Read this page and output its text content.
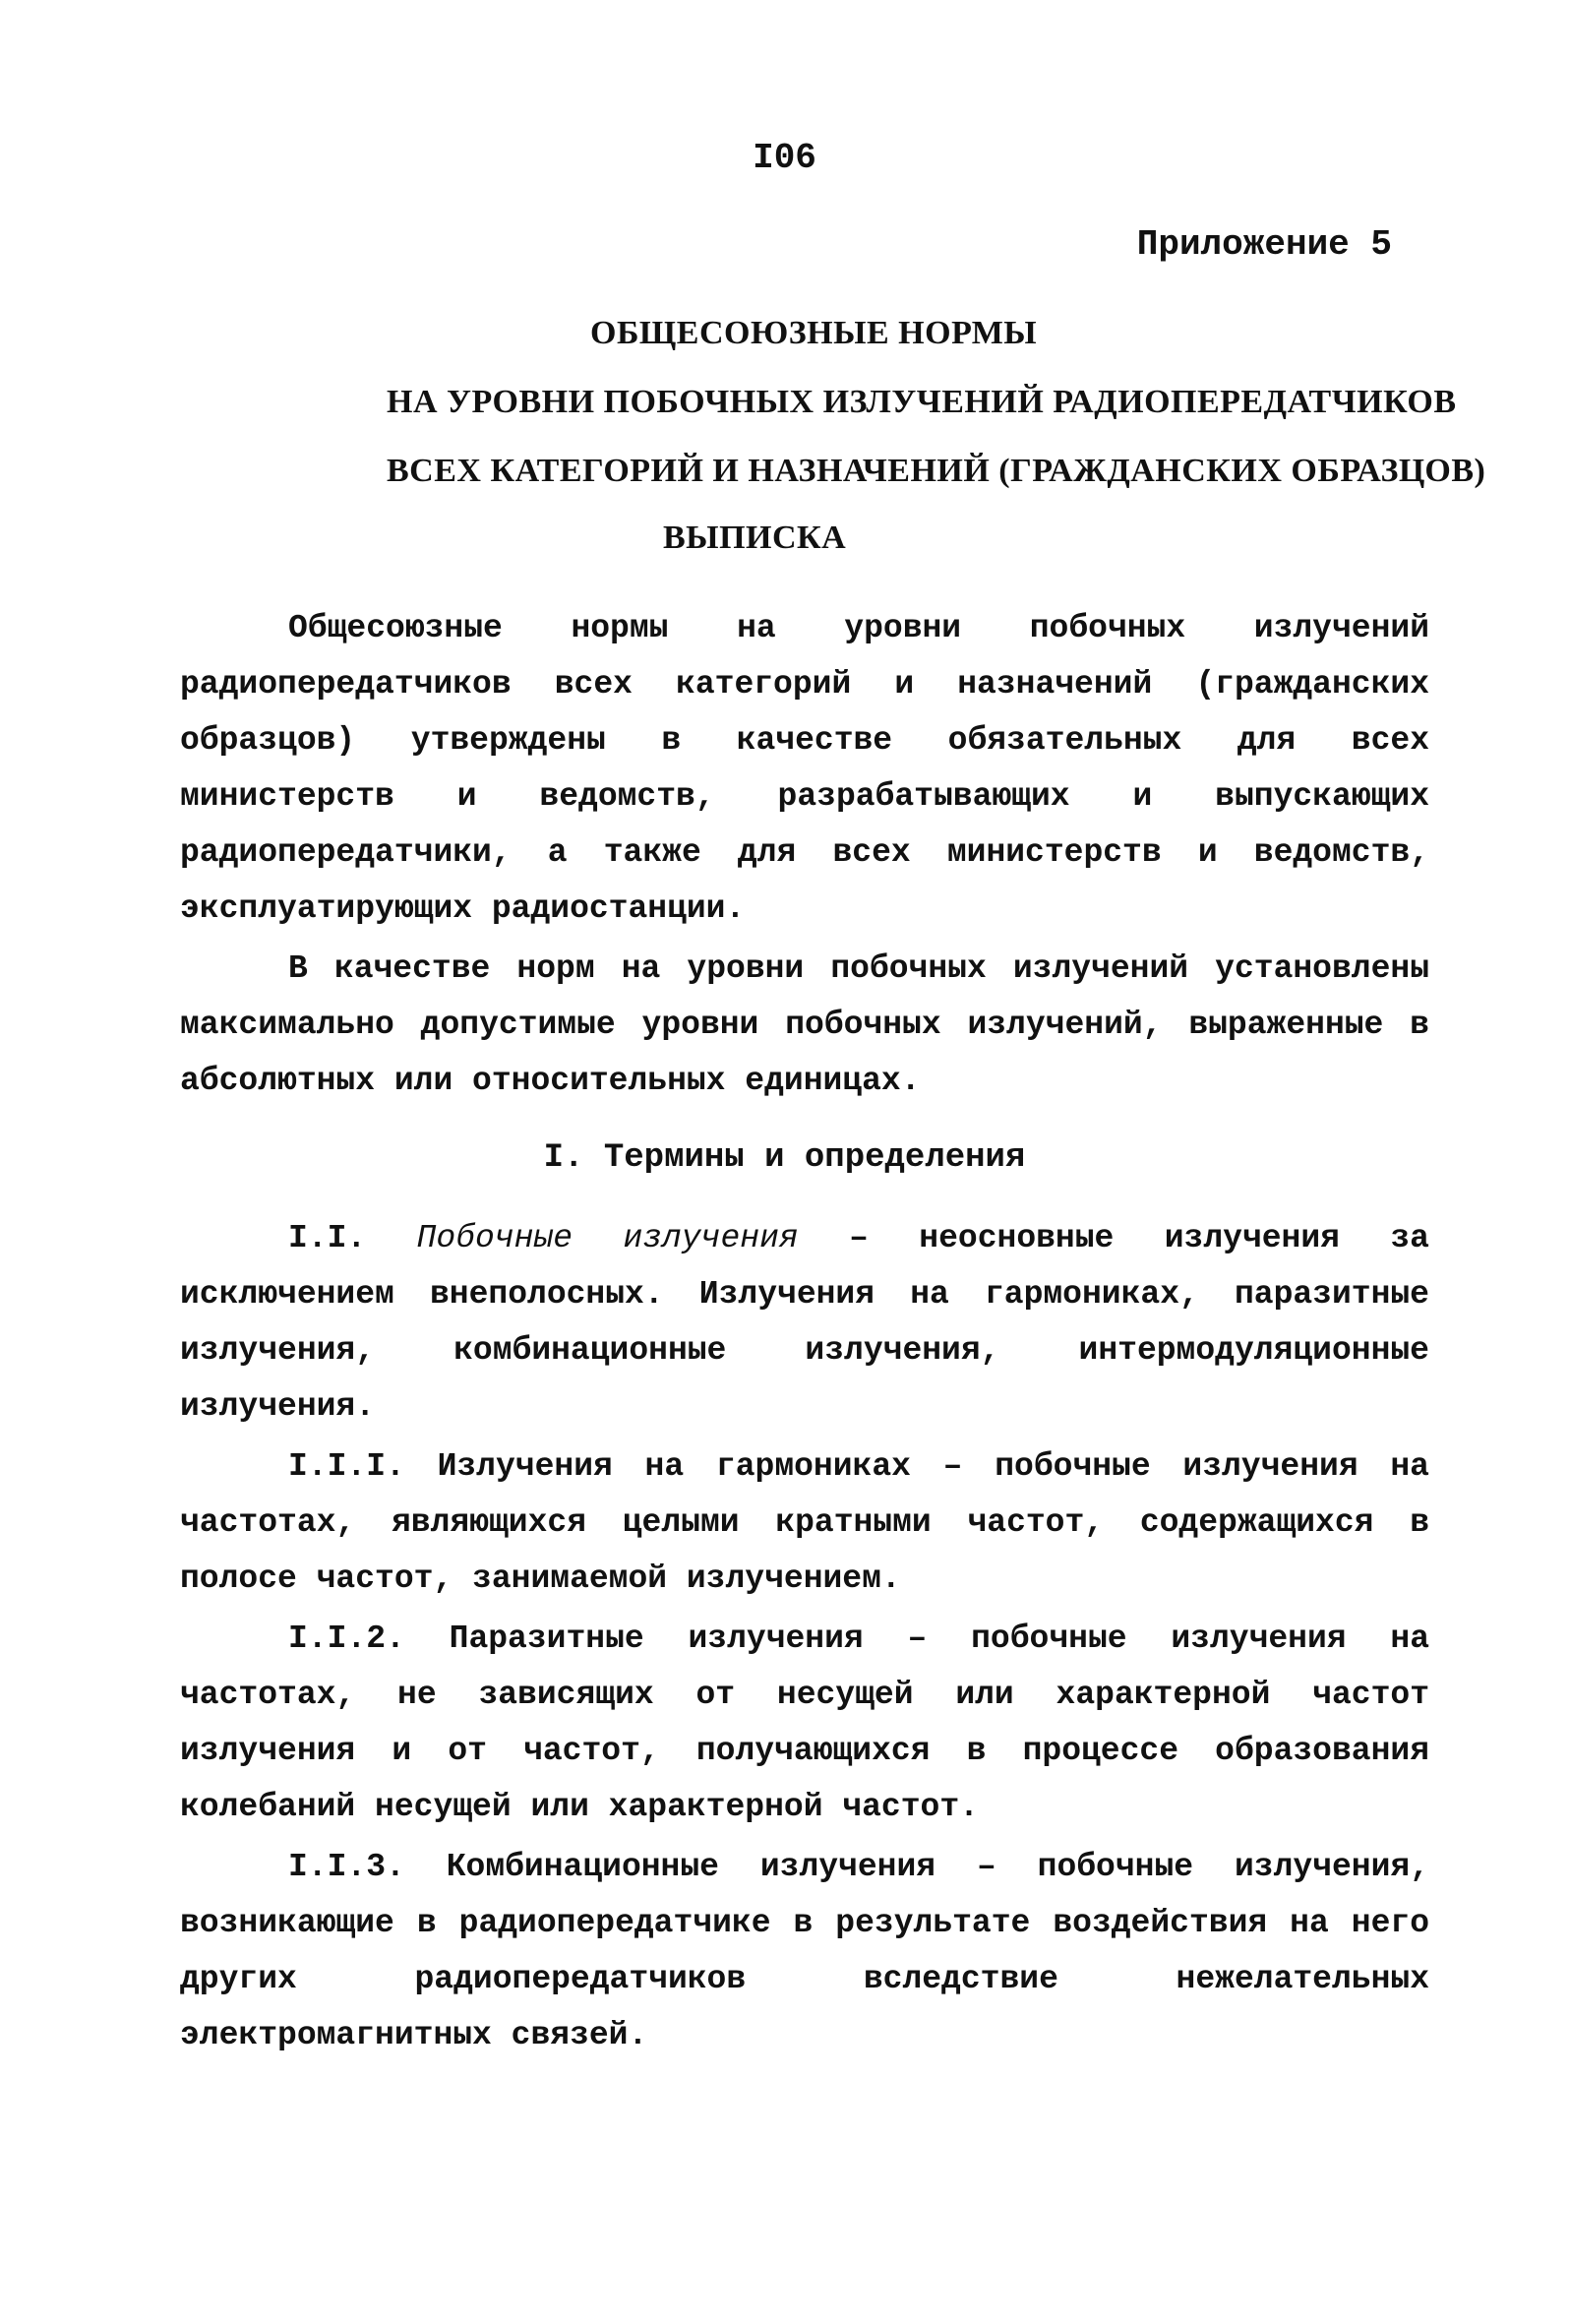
I06
Приложение 5
ОБЩЕСОЮЗНЫЕ НОРМЫ
НА УРОВНИ ПОБОЧНЫХ ИЗЛУЧЕНИЙ РАДИОПЕРЕДАТЧИКОВ
ВСЕХ КАТЕГОРИЙ И НАЗНАЧЕНИЙ (ГРАЖДАНСКИХ ОБРАЗЦОВ)
ВЫПИСКА

Общесоюзные нормы на уровни побочных излучений радиопередатчиков всех категорий и назначений (гражданских образцов) утверждены в качестве обязательных для всех министерств и ведомств, разрабатывающих и выпускающих радиопередатчики, а также для всех министерств и ведомств, эксплуатирующих радиостанции.

В качестве норм на уровни побочных излучений установлены максимально допустимые уровни побочных излучений, выраженные в абсолютных или относительных единицах.

I. Термины и определения

I.I. Побочные излучения – неосновные излучения за исключением внеполосных. Излучения на гармониках, паразитные излучения, комбинационные излучения, интермодуляционные излучения.

I.I.I. Излучения на гармониках – побочные излучения на частотах, являющихся целыми кратными частот, содержащихся в полосе частот, занимаемой излучением.

I.I.2. Паразитные излучения – побочные излучения на частотах, не зависящих от несущей или характерной частот излучения и от частот, получающихся в процессе образования колебаний несущей или характерной частот.

I.I.3. Комбинационные излучения – побочные излучения, возникающие в радиопередатчике в результате воздействия на него других радиопередатчиков вследствие нежелательных электромагнитных связей.
